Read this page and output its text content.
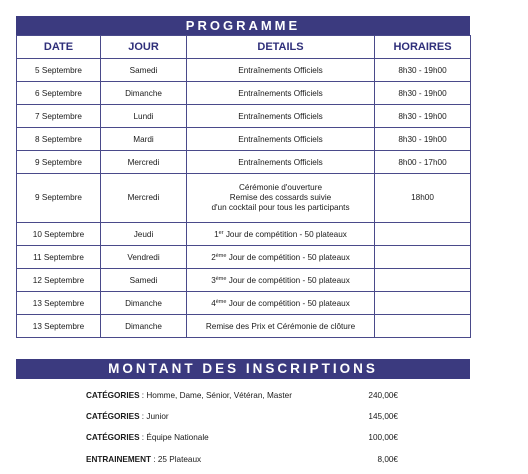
PROGRAMME
DATE	JOUR	DETAILS	HORAIRES
5 Septembre	Samedi	Entraînements Officiels	8h30 - 19h00
6 Septembre	Dimanche	Entraînements Officiels	8h30 - 19h00
7 Septembre	Lundi	Entraînements Officiels	8h30 - 19h00
8 Septembre	Mardi	Entraînements Officiels	8h30 - 19h00
9 Septembre	Mercredi	Entraînements Officiels	8h00 - 17h00
9 Septembre	Mercredi	Cérémonie d'ouverture
Remise des cossards suivie
d'un cocktail pour tous les participants	18h00
10 Septembre	Jeudi	1er Jour de compétition - 50 plateaux	
11 Septembre	Vendredi	2ème Jour de compétition - 50 plateaux	
12 Septembre	Samedi	3ème Jour de compétition - 50 plateaux	
13 Septembre	Dimanche	4ème Jour de compétition - 50 plateaux	
13 Septembre	Dimanche	Remise des Prix et Cérémonie de clôture	
MONTANT DES INSCRIPTIONS
CATÉGORIES : Homme, Dame, Sénior, Vétéran, Master	240,00€
CATÉGORIES : Junior	145,00€
CATÉGORIES : Équipe Nationale	100,00€
ENTRAINEMENT : 25 Plateaux	8,00€
